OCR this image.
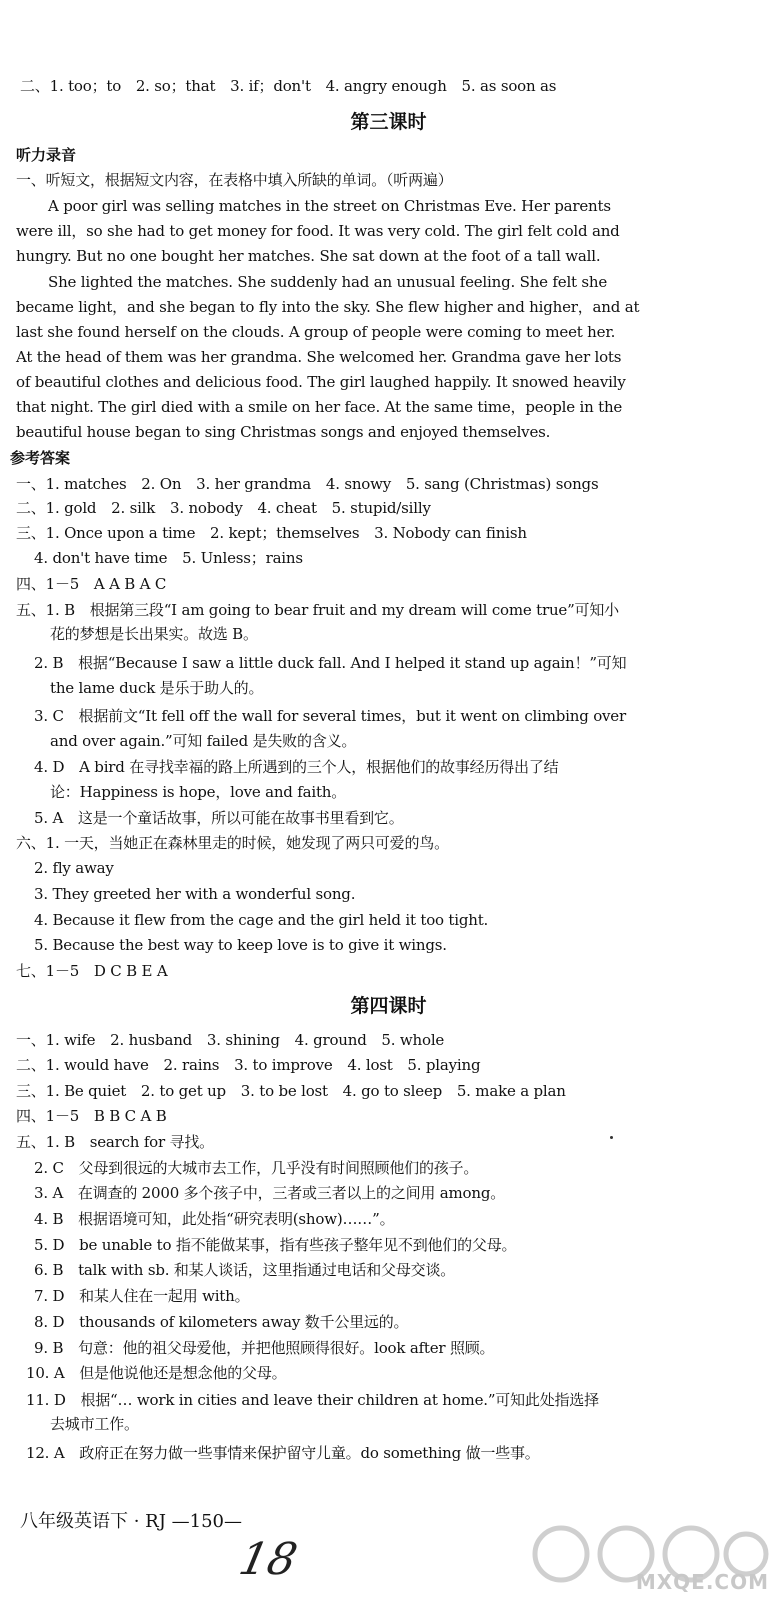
二、1. too；to　2. so；that　3. if；don't　4. angry enough　5. as soon as
第三课时
听力录音
一、听短文，根据短文内容，在表格中填入所缺的单词。（听两遍）
A poor girl was selling matches in the street on Christmas Eve. Her parents
were ill，so she had to get money for food. It was very cold. The girl felt cold and
hungry. But no one bought her matches. She sat down at the foot of a tall wall.
She lighted the matches. She suddenly had an unusual feeling. She felt she
became light，and she began to fly into the sky. She flew higher and higher，and at
last she found herself on the clouds. A group of people were coming to meet her.
At the head of them was her grandma. She welcomed her. Grandma gave her lots
of beautiful clothes and delicious food. The girl laughed happily. It snowed heavily
that night. The girl died with a smile on her face. At the same time，people in the
beautiful house began to sing Christmas songs and enjoyed themselves.
参考答案
一、1. matches　2. On　3. her grandma　4. snowy　5. sang (Christmas) songs
二、1. gold　2. silk　3. nobody　4. cheat　5. stupid/silly
三、1. Once upon a time　2. kept；themselves　3. Nobody can finish
4. don't have time　5. Unless；rains
四、1－5　A A B A C
五、1. B　根据第三段“I am going to bear fruit and my dream will come true”可知小
花的梦想是长出果实。故选 B。
2. B　根据“Because I saw a little duck fall. And I helped it stand up again！”可知
the lame duck 是乐于助人的。
3. C　根据前文“It fell off the wall for several times，but it went on climbing over
and over again.”可知 failed 是失败的含义。
4. D　A bird 在寻找幸福的路上所遇到的三个人，根据他们的故事经历得出了结
论：Happiness is hope，love and faith。
5. A　这是一个童话故事，所以可能在故事书里看到它。
六、1. 一天，当她正在森林里走的时候，她发现了两只可爱的鸟。
2. fly away
3. They greeted her with a wonderful song.
4. Because it flew from the cage and the girl held it too tight.
5. Because the best way to keep love is to give it wings.
七、1－5　D C B E A
第四课时
一、1. wife　2. husband　3. shining　4. ground　5. whole
二、1. would have　2. rains　3. to improve　4. lost　5. playing
三、1. Be quiet　2. to get up　3. to be lost　4. go to sleep　5. make a plan
四、1－5　B B C A B
五、1. B　search for 寻找。
2. C　父母到很远的大城市去工作，几乎没有时间照顾他们的孩子。
3. A　在调查的 2000 多个孩子中，三者或三者以上的之间用 among。
4. B　根据语境可知，此处指“研究表明(show)……”。
5. D　be unable to 指不能做某事，指有些孩子整年见不到他们的父母。
6. B　talk with sb. 和某人谈话，这里指通过电话和父母交谈。
7. D　和某人住在一起用 with。
8. D　thousands of kilometers away 数千公里远的。
9. B　句意：他的祖父母爱他，并把他照顾得很好。look after 照顾。
10. A　但是他说他还是想念他的父母。
11. D　根据“… work in cities and leave their children at home.”可知此处指选择
去城市工作。
12. A　政府正在努力做一些事情来保护留守儿童。do something 做一些事。
八年级英语下 · RJ —150—
18	MXQE.COM
